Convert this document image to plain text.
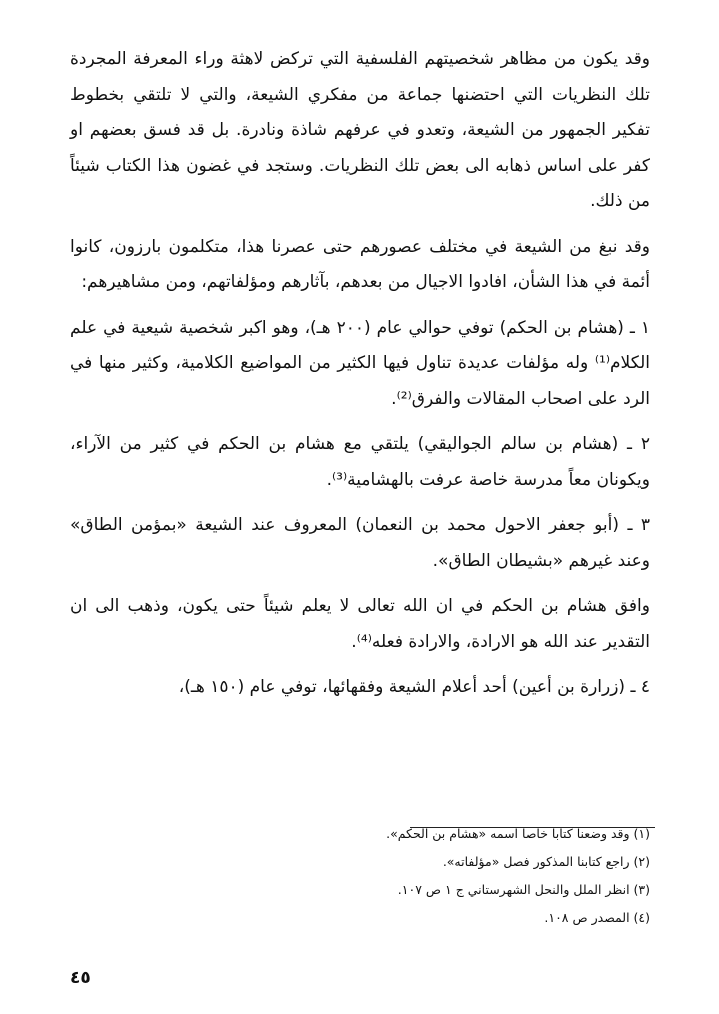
وقد يكون من مظاهر شخصيتهم الفلسفية التي تركض لاهثة وراء المعرفة المجردة تلك النظريات التي احتضنها جماعة من مفكري الشيعة، والتي لا تلتقي بخطوط تفكير الجمهور من الشيعة، وتعدو في عرفهم شاذة ونادرة. بل قد فسق بعضهم او كفر على اساس ذهابه الى بعض تلك النظريات. وستجد في غضون هذا الكتاب شيئاً من ذلك.

وقد نبغ من الشيعة في مختلف عصورهم حتى عصرنا هذا، متكلمون بارزون، كانوا أئمة في هذا الشأن، افادوا الاجيال من بعدهم، بآثارهم ومؤلفاتهم، ومن مشاهيرهم:

١ ـ (هشام بن الحكم) توفي حوالي عام (٢٠٠ هـ)، وهو اكبر شخصية شيعية في علم الكلام⁽¹⁾ وله مؤلفات عديدة تناول فيها الكثير من المواضيع الكلامية، وكثير منها في الرد على اصحاب المقالات والفرق⁽²⁾.

٢ ـ (هشام بن سالم الجواليقي) يلتقي مع هشام بن الحكم في كثير من الآراء، ويكونان معاً مدرسة خاصة عرفت بالهشامية⁽³⁾.

٣ ـ (أبو جعفر الاحول محمد بن النعمان) المعروف عند الشيعة «بمؤمن الطاق» وعند غيرهم «بشيطان الطاق».

وافق هشام بن الحكم في ان الله تعالى لا يعلم شيئاً حتى يكون، وذهب الى ان التقدير عند الله هو الارادة، والارادة فعله⁽⁴⁾.

٤ ـ (زرارة بن أعين) أحد أعلام الشيعة وفقهائها، توفي عام (١٥٠ هـ)،

(١) وقد وضعنا كتابا خاصا اسمه «هشام بن الحكم».
(٢) راجع كتابنا المذكور فصل «مؤلفاته».
(٣) انظر الملل والنحل الشهرستاني ج ١ ص ١٠٧.
(٤) المصدر ص ١٠٨.
٤٥
